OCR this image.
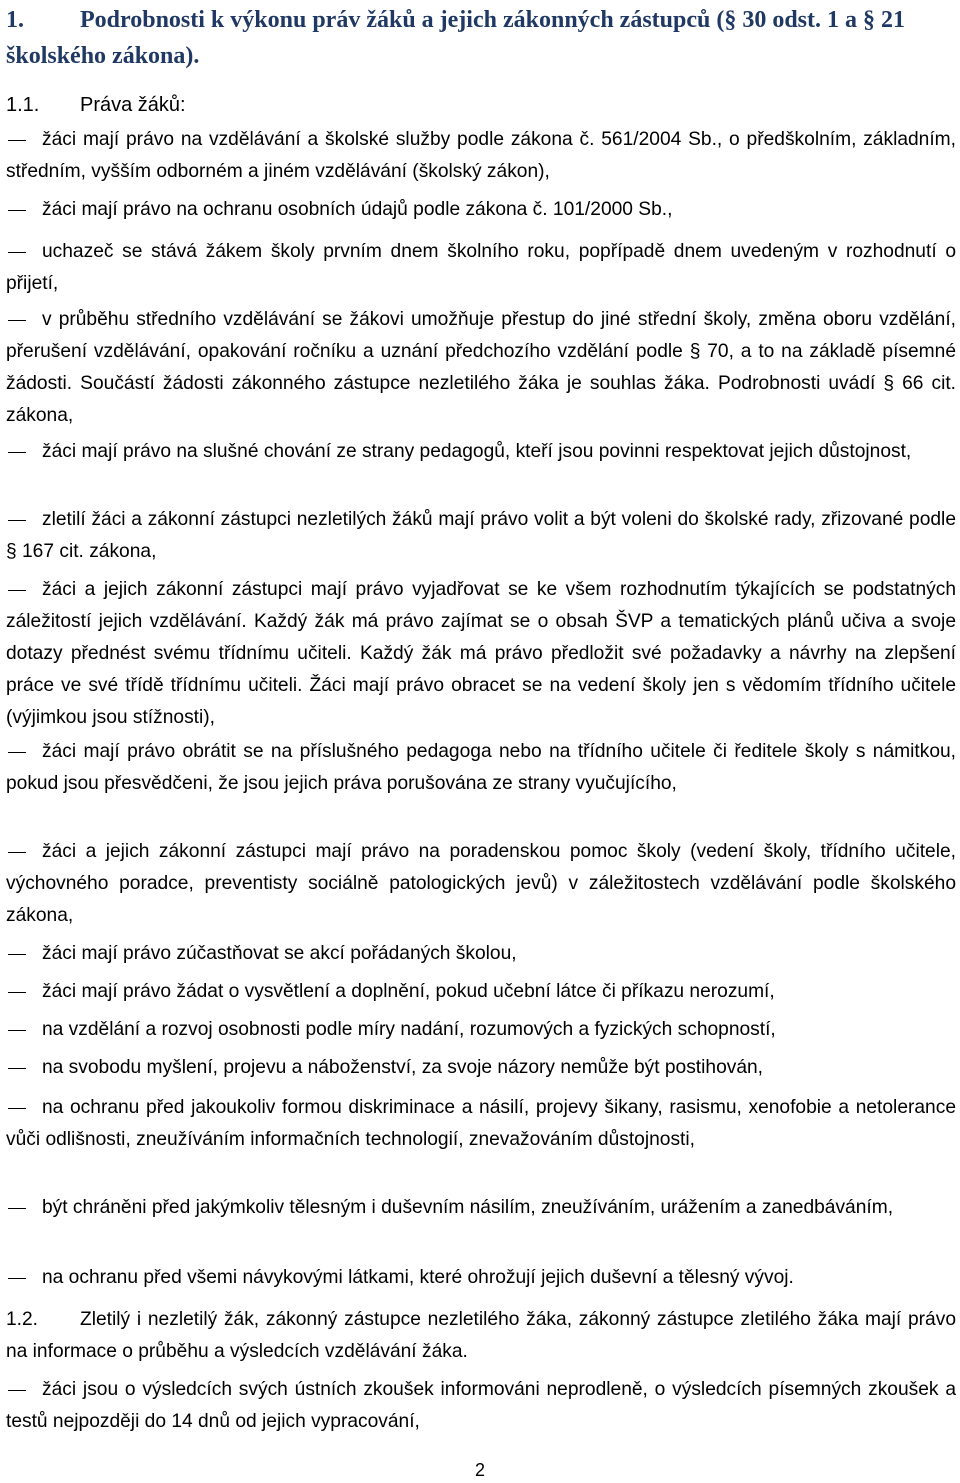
1. Podrobnosti k výkonu práv žáků a jejich zákonných zástupců (§ 30 odst. 1 a § 21 školského zákona).
1.1. Práva žáků:
žáci mají právo na vzdělávání a školské služby podle zákona č. 561/2004 Sb., o předškolním, základním, středním, vyšším odborném a jiném vzdělávání (školský zákon),
žáci mají právo na ochranu osobních údajů podle zákona č. 101/2000 Sb.,
uchazeč se stává žákem školy prvním dnem školního roku, popřípadě dnem uvedeným v rozhodnutí o přijetí,
v průběhu středního vzdělávání se žákovi umožňuje přestup do jiné střední školy, změna oboru vzdělání, přerušení vzdělávání, opakování ročníku a uznání předchozího vzdělání podle § 70, a to na základě písemné žádosti. Součástí žádosti zákonného zástupce nezletilého žáka je souhlas žáka. Podrobnosti uvádí § 66 cit. zákona,
žáci mají právo na slušné chování ze strany pedagogů, kteří jsou povinni respektovat jejich důstojnost,
zletilí žáci a zákonní zástupci nezletilých žáků mají právo volit a být voleni do školské rady, zřizované podle § 167 cit. zákona,
žáci a jejich zákonní zástupci mají právo vyjadřovat se ke všem rozhodnutím týkajících se podstatných záležitostí jejich vzdělávání. Každý žák má právo zajímat se o obsah ŠVP a tematických plánů učiva a svoje dotazy přednést svému třídnímu učiteli. Každý žák má právo předložit své požadavky a návrhy na zlepšení práce ve své třídě třídnímu učiteli. Žáci mají právo obracet se na vedení školy jen s vědomím třídního učitele (výjimkou jsou stížnosti),
žáci mají právo obrátit se na příslušného pedagoga nebo na třídního učitele či ředitele školy s námitkou, pokud jsou přesvědčeni, že jsou jejich práva porušována ze strany vyučujícího,
žáci a jejich zákonní zástupci mají právo na poradenskou pomoc školy (vedení školy, třídního učitele, výchovného poradce, preventisty sociálně patologických jevů) v záležitostech vzdělávání podle školského zákona,
žáci mají právo zúčastňovat se akcí pořádaných školou,
žáci mají právo žádat o vysvětlení a doplnění, pokud učební látce či příkazu nerozumí,
na vzdělání a rozvoj osobnosti podle míry nadání, rozumových a fyzických schopností,
na svobodu myšlení, projevu a náboženství, za svoje názory nemůže být postihován,
na ochranu před jakoukoliv formou diskriminace a násilí, projevy šikany, rasismu, xenofobie a netolerance vůči odlišnosti, zneužíváním informačních technologií, znevažováním důstojnosti,
být chráněni před jakýmkoliv tělesným i duševním násilím, zneužíváním, urážením a zanedbáváním,
na ochranu před všemi návykovými látkami, které ohrožují jejich duševní a tělesný vývoj.
1.2. Zletilý i nezletilý žák, zákonný zástupce nezletilého žáka, zákonný zástupce zletilého žáka mají právo na informace o průběhu a výsledcích vzdělávání žáka.
žáci jsou o výsledcích svých ústních zkoušek informováni neprodleně, o výsledcích písemných zkoušek a testů nejpozději do 14 dnů od jejich vypracování,
2
